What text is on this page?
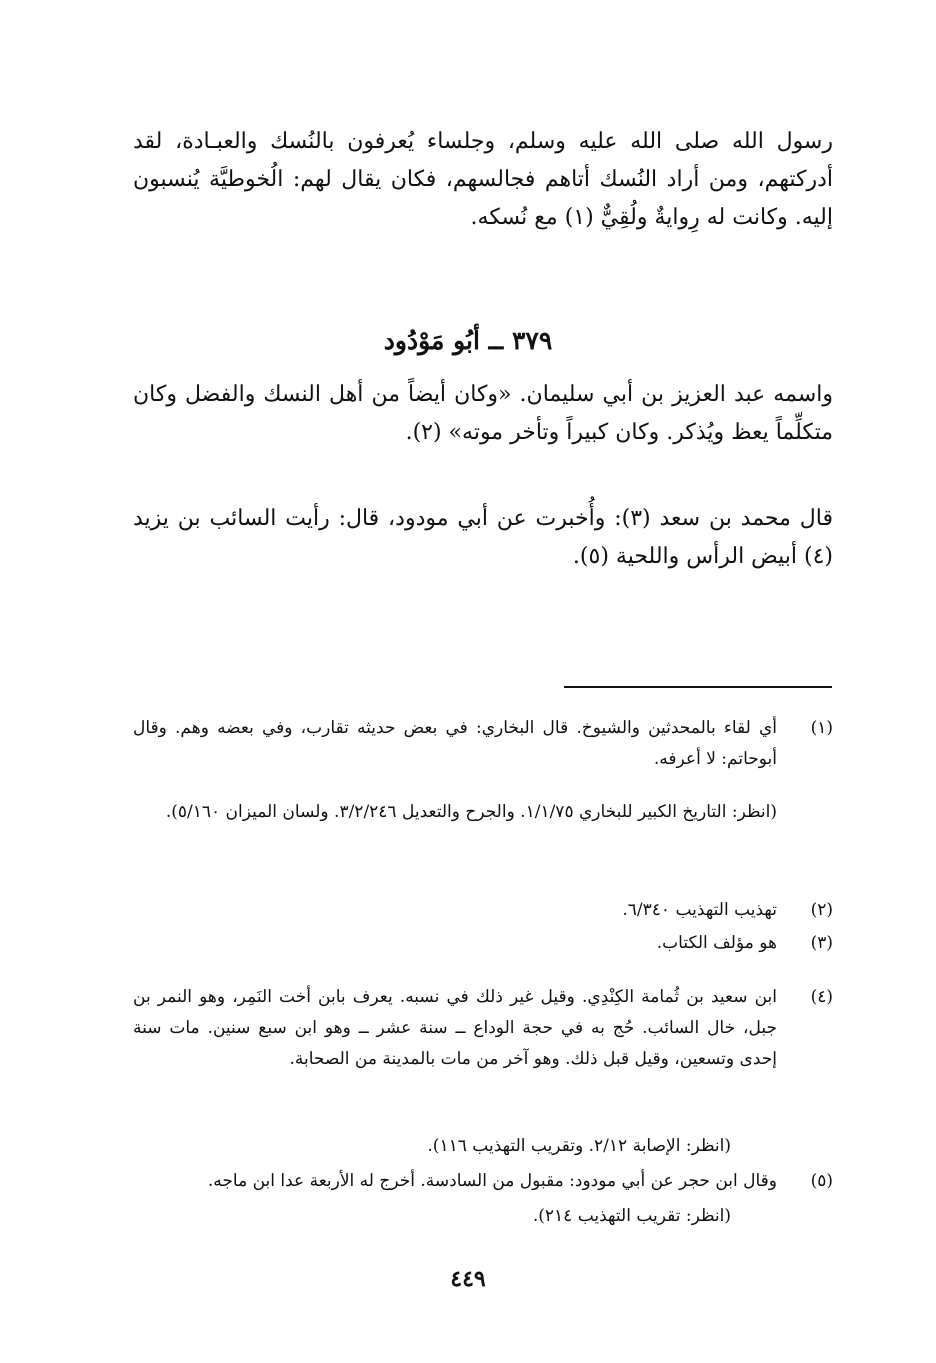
رسول الله صلى الله عليه وسلم، وجلساء يُعرفون بالنُسك والعبـادة، لقد أدركتهم، ومن أراد النُسك أتاهم فجالسهم، فكان يقال لهم: الُخوطيَّة يُنسبون إليه. وكانت له رِوايةٌ ولُقِيٌّ (١) مع نُسكه.
٣٧٩ ــ أبُو مَوْدُود
واسمه عبد العزيز بن أبي سليمان. «وكان أيضاً من أهل النسك والفضل وكان متكلِّماً يعظ ويُذكر. وكان كبيراً وتأخر موته» (٢).
قال محمد بن سعد (٣): وأُخبرت عن أبي مودود، قال: رأيت السائب بن يزيد (٤) أبيض الرأس واللحية (٥).
(١)
أي لقاء بالمحدثين والشيوخ. قال البخاري: في بعض حديثه تقارب، وفي بعضه وهم. وقال أبوحاتم: لا أعرفه.
(انظر: التاريخ الكبير للبخاري ١/١/٧٥. والجرح والتعديل ٣/٢/٢٤٦. ولسان الميزان ٥/١٦٠).
(٢)
تهذيب التهذيب ٦/٣٤٠.
(٣)
هو مؤلف الكتاب.
(٤)
ابن سعيد بن ثُمامة الكِنْدِي. وقيل غير ذلك في نسبه. يعرف بابن أخت النَمِر، وهو النمر بن جبل، خال السائب. حُج به في حجة الوداع ــ سنة عشر ــ وهو ابن سبع سنين. مات سنة إحدى وتسعين، وقيل قبل ذلك. وهو آخر من مات بالمدينة من الصحابة.
(انظر: الإصابة ٢/١٢. وتقريب التهذيب ١١٦).
(٥)
وقال ابن حجر عن أبي مودود: مقبول من السادسة. أخرج له الأربعة عدا ابن ماجه.
(انظر: تقريب التهذيب ٢١٤).
٤٤٩
